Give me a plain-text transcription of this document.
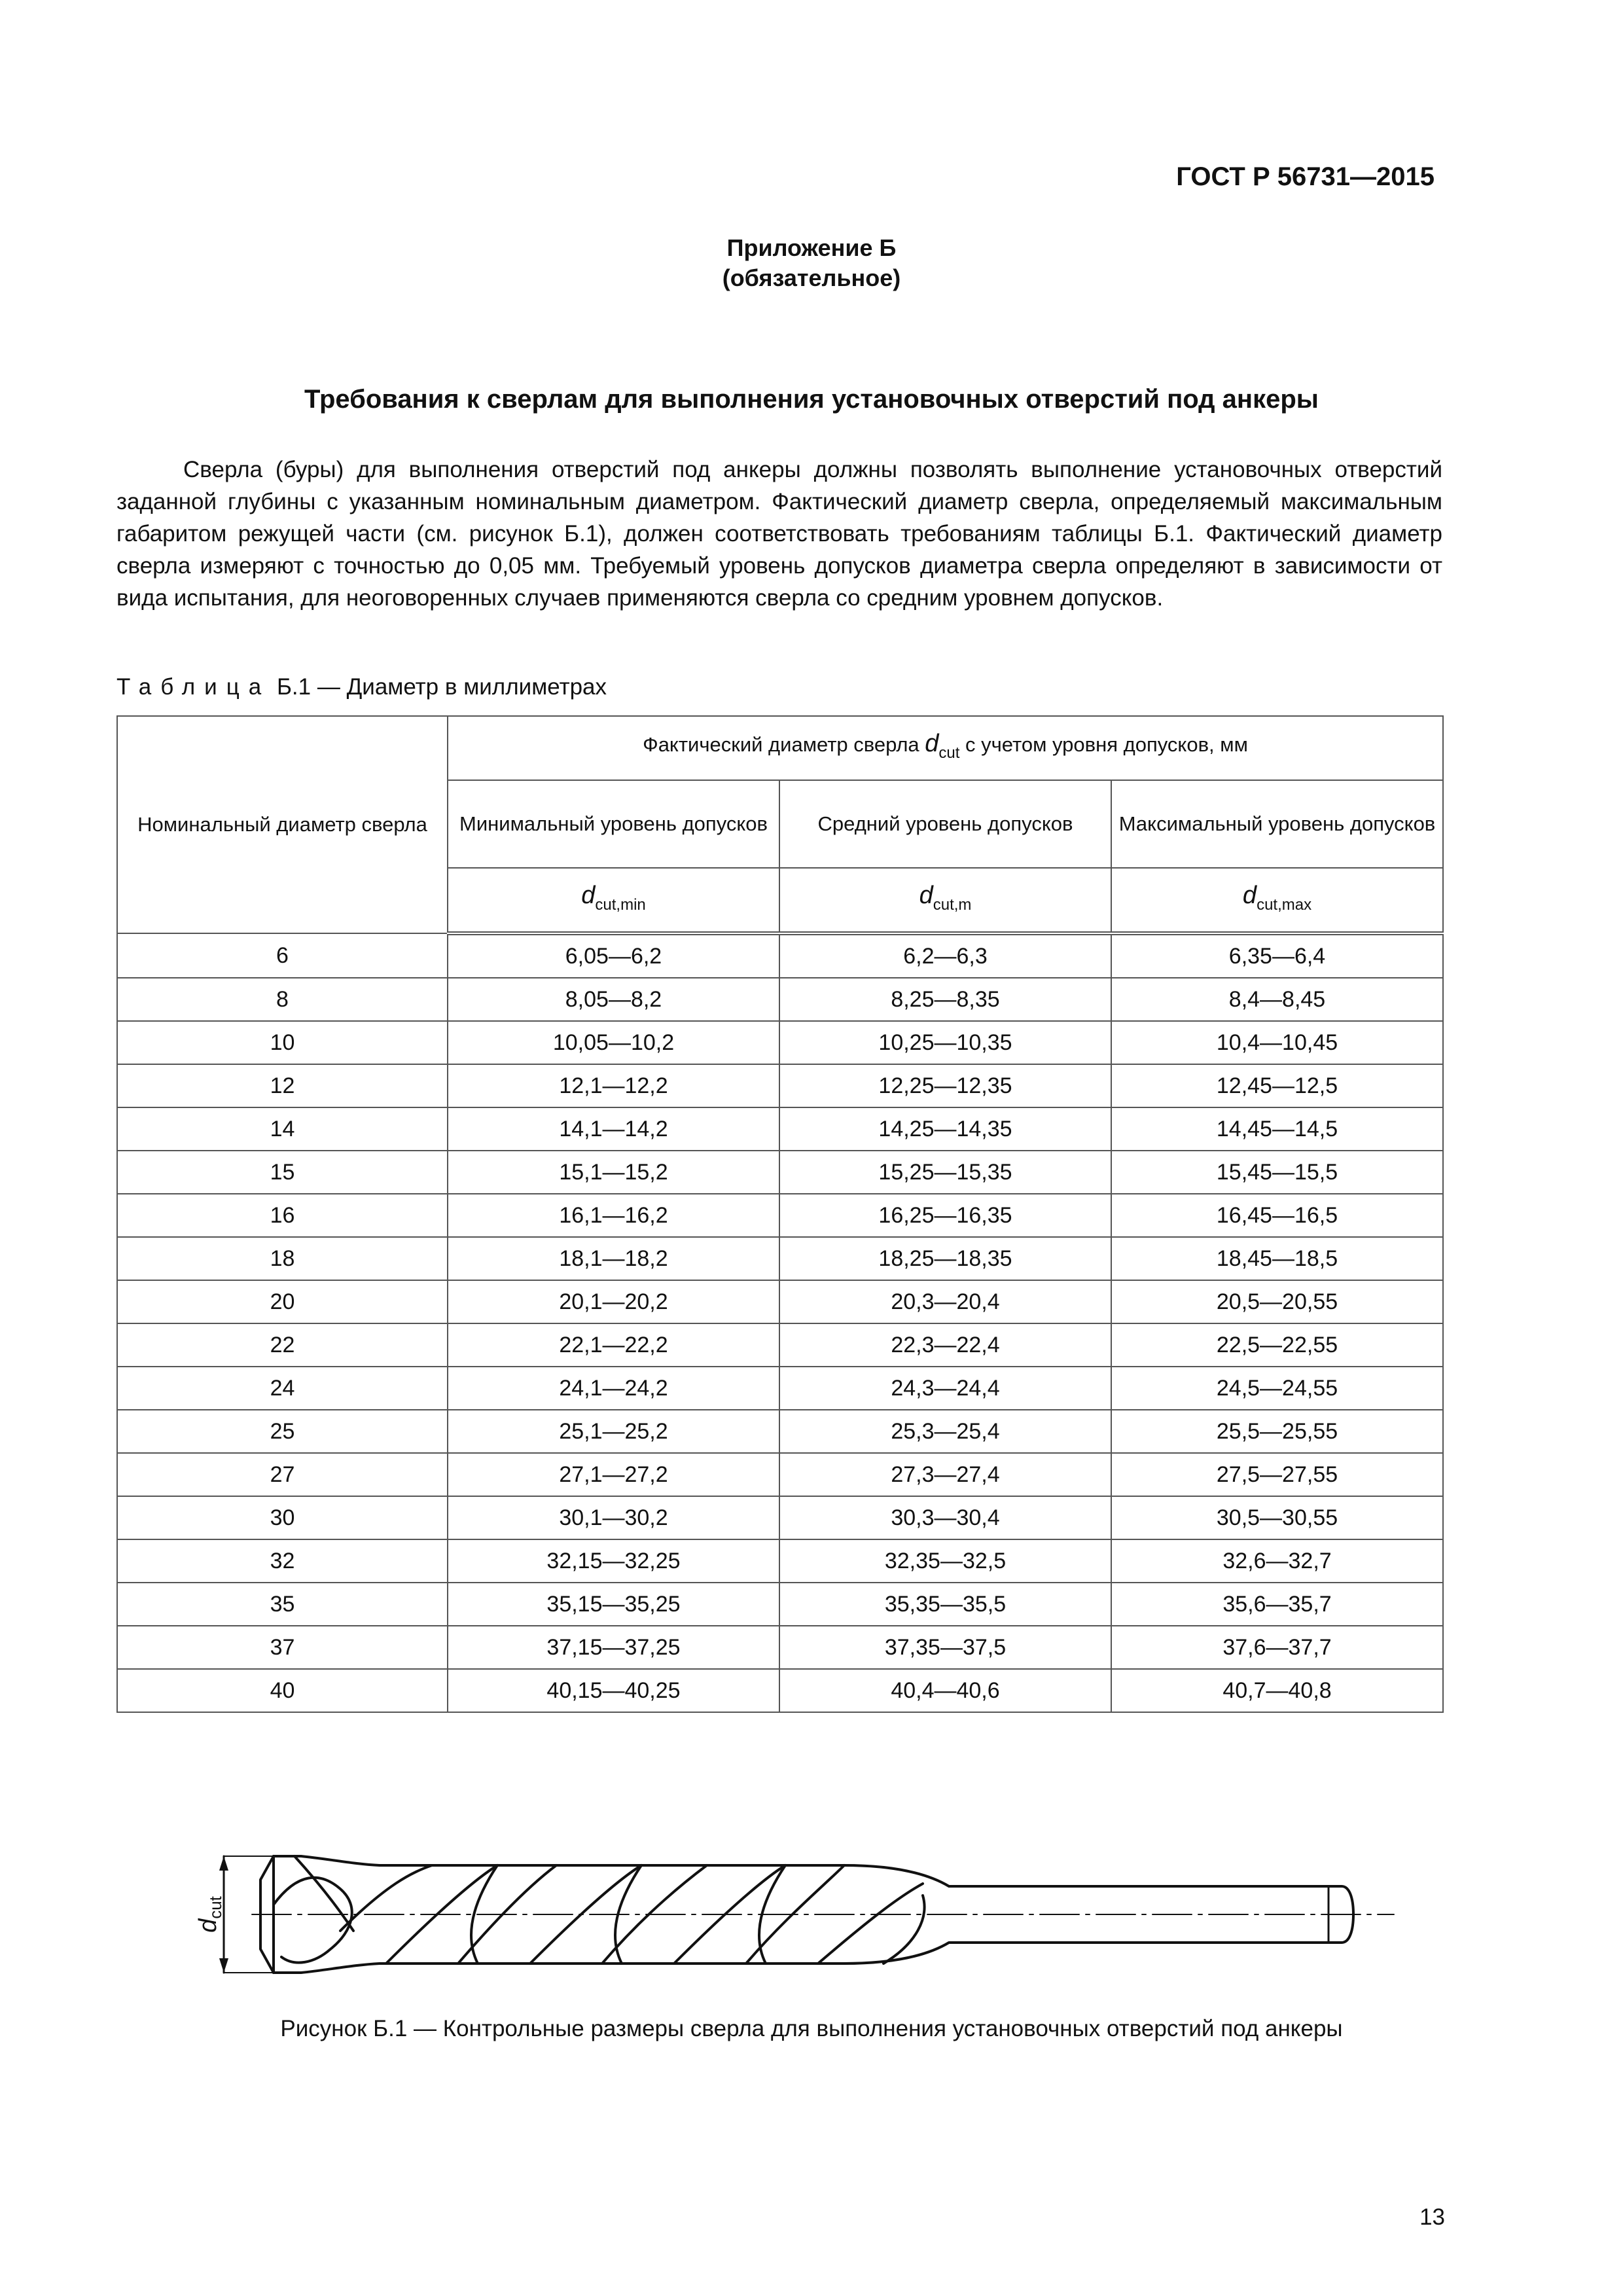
ГОСТ Р 56731—2015
Приложение Б
(обязательное)
Требования к сверлам для выполнения установочных отверстий под анкеры

Сверла (буры) для выполнения отверстий под анкеры должны позволять выполнение установочных отверстий заданной глубины с указанным номинальным диаметром. Фактический диаметр сверла, определяемый максимальным габаритом режущей части (см. рисунок Б.1), должен соответствовать требованиям таблицы Б.1. Фактический диаметр сверла измеряют с точностью до 0,05 мм. Требуемый уровень допусков диаметра сверла определяют в зависимости от вида испытания, для неоговоренных случаев применяются сверла со средним уровнем допусков.

Таблица Б.1 — Диаметр в миллиметрах
Номинальный диаметр сверла	Фактический диаметр сверла $d_{cut}$ с учетом уровня допусков, мм		
	Минимальный уровень допусков	Средний уровень допусков	Максимальный уровень допусков
	$d_{cut,min}$	$d_{cut,m}$	$d_{cut,max}$
6	6,05—6,2	6,2—6,3	6,35—6,4
8	8,05—8,2	8,25—8,35	8,4—8,45
10	10,05—10,2	10,25—10,35	10,4—10,45
12	12,1—12,2	12,25—12,35	12,45—12,5
14	14,1—14,2	14,25—14,35	14,45—14,5
15	15,1—15,2	15,25—15,35	15,45—15,5
16	16,1—16,2	16,25—16,35	16,45—16,5
18	18,1—18,2	18,25—18,35	18,45—18,5
20	20,1—20,2	20,3—20,4	20,5—20,55
22	22,1—22,2	22,3—22,4	22,5—22,55
24	24,1—24,2	24,3—24,4	24,5—24,55
25	25,1—25,2	25,3—25,4	25,5—25,55
27	27,1—27,2	27,3—27,4	27,5—27,55
30	30,1—30,2	30,3—30,4	30,5—30,55
32	32,15—32,25	32,35—32,5	32,6—32,7
35	35,15—35,25	35,35—35,5	35,6—35,7
37	37,15—37,25	37,35—37,5	37,6—37,7
40	40,15—40,25	40,4—40,6	40,7—40,8
$d_{cut}$
Рисунок Б.1 — Контрольные размеры сверла для выполнения установочных отверстий под анкеры
13
